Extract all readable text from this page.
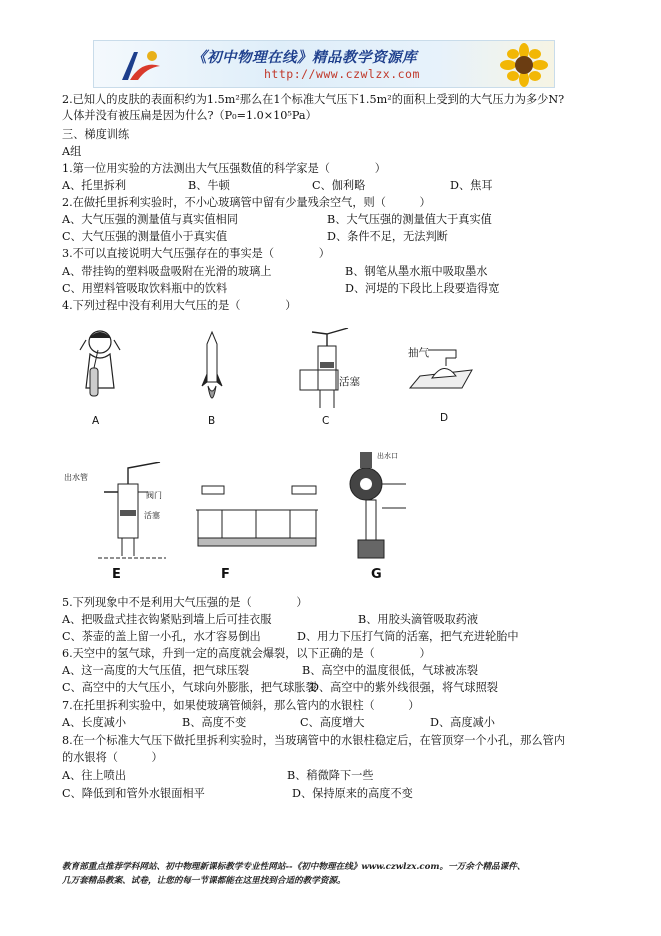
《初中物理在线》精品教学资源库
http://www.czwlzx.com
2.已知人的皮肤的表面积约为1.5m²那么在1个标准大气压下1.5m²的面积上受到的大气压力为多少N?
人体并没有被压扁是因为什么?（P₀=1.0×10⁵Pa）
三、梯度训练
A组
1.第一位用实验的方法测出大气压强数值的科学家是（　　　　）
A、托里拆利	B、牛顿	C、伽利略	D、焦耳
2.在做托里拆利实验时，不小心玻璃管中留有少量残余空气，则（　　　）
A、大气压强的测量值与真实值相同	B、大气压强的测量值大于真实值
C、大气压强的测量值小于真实值	D、条件不足，无法判断
3.不可以直接说明大气压强存在的事实是（　　　　）
A、带挂钩的塑料吸盘吸附在光滑的玻璃上	B、钢笔从墨水瓶中吸取墨水
C、用塑料管吸取饮料瓶中的饮料	D、河堤的下段比上段要造得宽
4.下列过程中没有利用大气压的是（　　　　）
A	B
活塞
C
抽气
D
出水管
活塞
阀门
E	F
出水口
G
5.下列现象中不是利用大气压强的是（　　　　）
A、把吸盘式挂衣钩紧贴到墙上后可挂衣服	B、用胶头滴管吸取药液
C、茶壶的盖上留一小孔，水才容易倒出	D、用力下压打气筒的活塞，把气充进轮胎中
6.天空中的氢气球，升到一定的高度就会爆裂，以下正确的是（　　　　）
A、这一高度的大气压值，把气球压裂	B、高空中的温度很低，气球被冻裂
C、高空中的大气压小，气球向外膨胀，把气球胀裂
D、高空中的紫外线很强，将气球照裂
7.在托里拆利实验中，如果使玻璃管倾斜，那么管内的水银柱（　　　）
A、长度减小	B、高度不变	C、高度增大	D、高度减小
8.在一个标准大气压下做托里拆利实验时，当玻璃管中的水银柱稳定后，在管顶穿一个小孔，那么管内
的水银将（　　　）
A、往上喷出	B、稍微降下一些
C、降低到和管外水银面相平	D、保持原来的高度不变
教育部重点推荐学科网站、初中物理新课标教学专业性网站--《初中物理在线》www.czwlzx.com。一万余个精品课件、
几万套精品教案、试卷，让您的每一节课都能在这里找到合适的教学资源。
